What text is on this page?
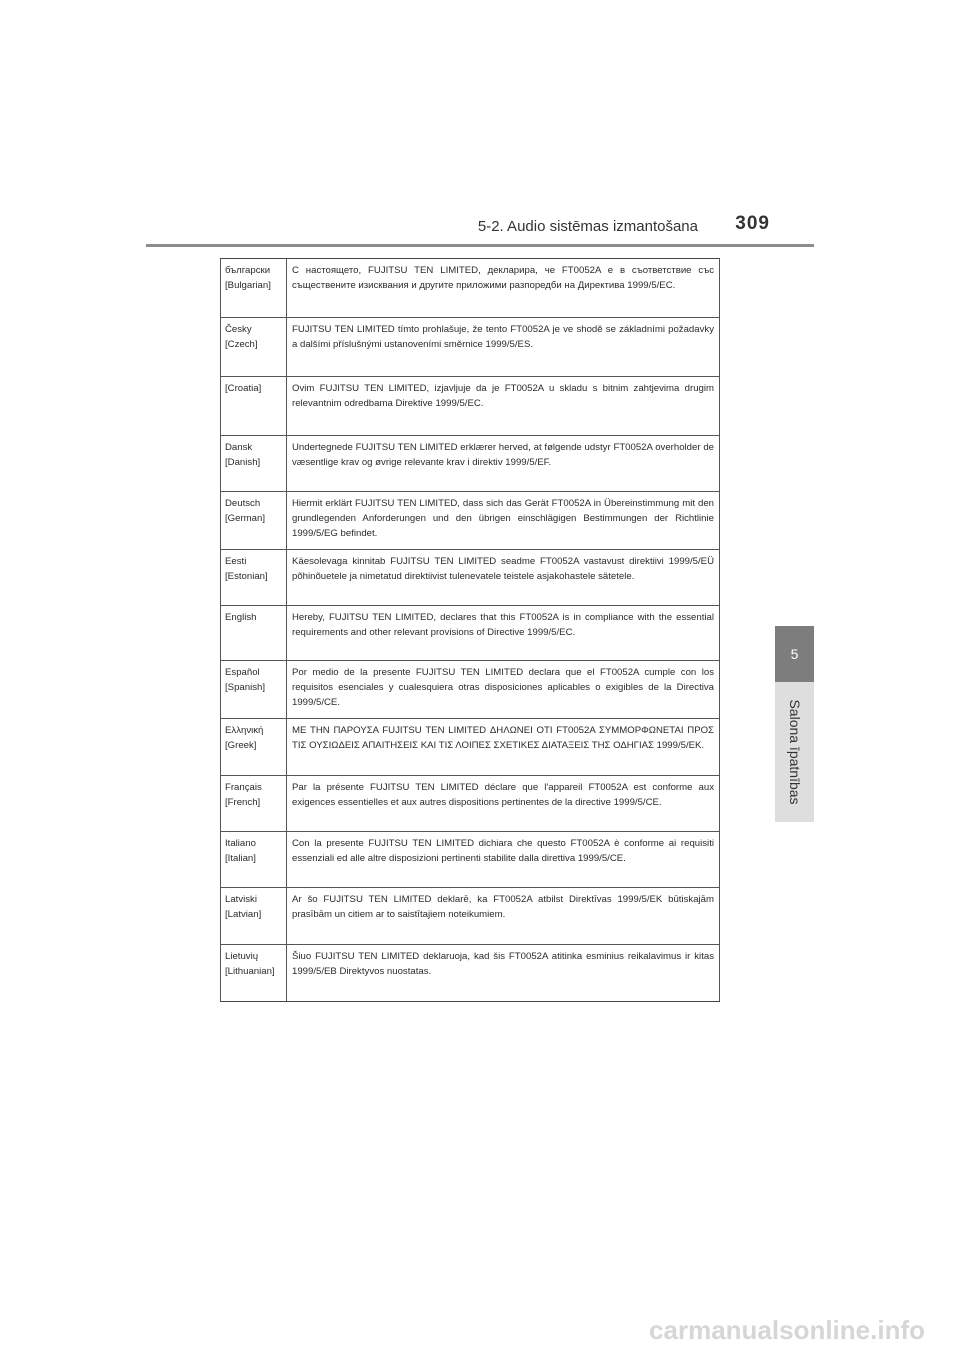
5-2. Audio sistēmas izmantošana 309
5
Salona īpatnības
български
[Bulgarian]	С настоящето, FUJITSU TEN LIMITED, декларира, че FT0052A е в съответствие със съществените изисквания и другите приложими разпоредби на Директива 1999/5/ЕС.

Česky
[Czech]	FUJITSU TEN LIMITED tímto prohlašuje, že tento FT0052A je ve shodě se základními požadavky a dalšími příslušnými ustanoveními směrnice 1999/5/ES.

[Croatia]	Ovim FUJITSU TEN LIMITED, izjavljuje da je FT0052A u skladu s bitnim zahtjevima drugim relevantnim odredbama Direktive 1999/5/EC.

Dansk
[Danish]	Undertegnede FUJITSU TEN LIMITED erklærer herved, at følgende udstyr FT0052A overholder de væsentlige krav og øvrige relevante krav i direktiv 1999/5/EF.

Deutsch
[German]	Hiermit erklärt FUJITSU TEN LIMITED, dass sich das Gerät FT0052A in Übereinstimmung mit den grundlegenden Anforderungen und den übrigen einschlägigen Bestimmungen der Richtlinie 1999/5/EG befindet.

Eesti
[Estonian]	Käesolevaga kinnitab FUJITSU TEN LIMITED seadme FT0052A vastavust direktiivi 1999/5/EÜ põhinõuetele ja nimetatud direktiivist tulenevatele teistele asjakohastele sätetele.

English	Hereby, FUJITSU TEN LIMITED, declares that this FT0052A is in compliance with the essential requirements and other relevant provisions of Directive 1999/5/EC.

Español
[Spanish]	Por medio de la presente FUJITSU TEN LIMITED declara que el FT0052A cumple con los requisitos esenciales y cualesquiera otras disposiciones aplicables o exigibles de la Directiva 1999/5/CE.

Ελληνική
[Greek]	ΜΕ ΤΗΝ ΠΑΡΟΥΣΑ FUJITSU TEN LIMITED ΔΗΛΩΝΕΙ ΟΤΙ FT0052A ΣΥΜΜΟΡΦΩΝΕΤΑΙ ΠΡΟΣ ΤΙΣ ΟΥΣΙΩΔΕΙΣ ΑΠΑΙΤΗΣΕΙΣ ΚΑΙ ΤΙΣ ΛΟΙΠΕΣ ΣΧΕΤΙΚΕΣ ΔΙΑΤΑΞΕΙΣ ΤΗΣ ΟΔΗΓΙΑΣ 1999/5/ΕΚ.

Français
[French]	Par la présente FUJITSU TEN LIMITED déclare que l'appareil FT0052A est conforme aux exigences essentielles et aux autres dispositions pertinentes de la directive 1999/5/CE.

Italiano
[Italian]	Con la presente FUJITSU TEN LIMITED dichiara che questo FT0052A è conforme ai requisiti essenziali ed alle altre disposizioni pertinenti stabilite dalla direttiva 1999/5/CE.

Latviski
[Latvian]	Ar šo FUJITSU TEN LIMITED deklarē, ka FT0052A atbilst Direktīvas 1999/5/EK būtiskajām prasībām un citiem ar to saistītajiem noteikumiem.

Lietuvių
[Lithuanian]	Šiuo FUJITSU TEN LIMITED deklaruoja, kad šis FT0052A atitinka esminius reikalavimus ir kitas 1999/5/EB Direktyvos nuostatas.
carmanualsonline.info
